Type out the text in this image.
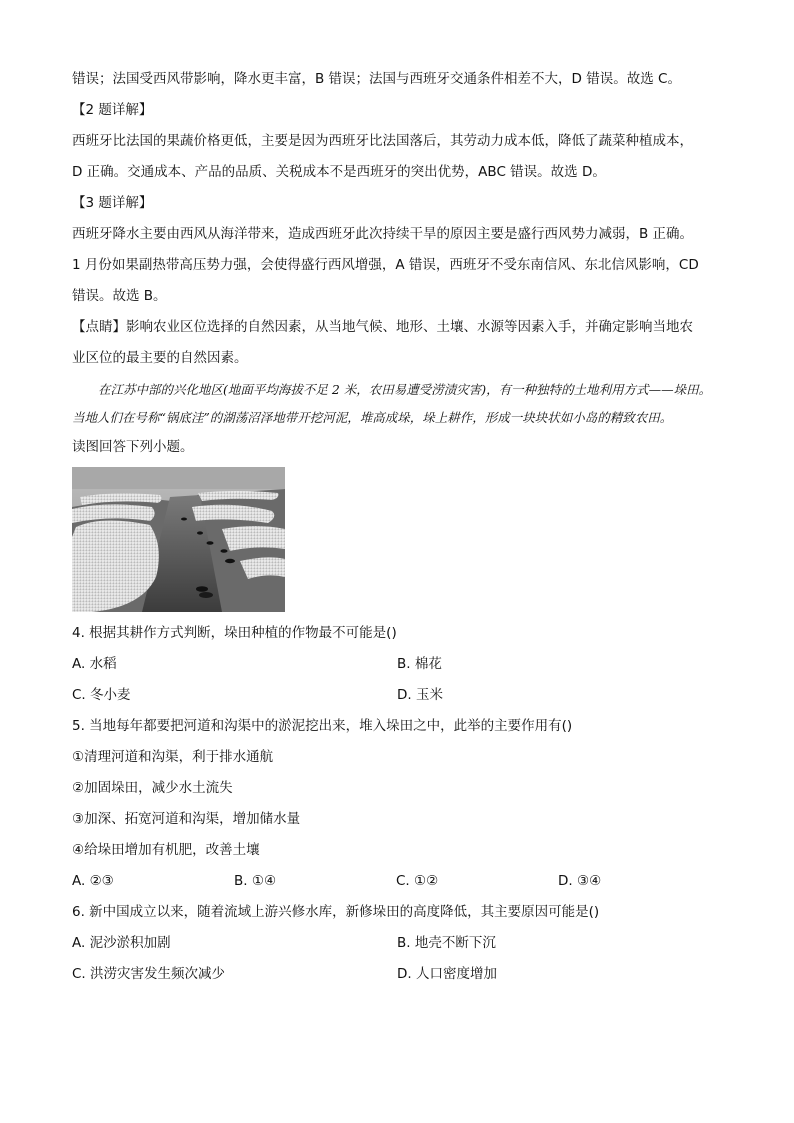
错误；法国受西风带影响，降水更丰富，B 错误；法国与西班牙交通条件相差不大，D 错误。故选 C。
【2 题详解】
西班牙比法国的果蔬价格更低，主要是因为西班牙比法国落后，其劳动力成本低，降低了蔬菜种植成本，
D 正确。交通成本、产品的品质、关税成本不是西班牙的突出优势，ABC 错误。故选 D。
【3 题详解】
西班牙降水主要由西风从海洋带来，造成西班牙此次持续干旱的原因主要是盛行西风势力减弱，B 正确。
1 月份如果副热带高压势力强，会使得盛行西风增强，A 错误，西班牙不受东南信风、东北信风影响，CD
错误。故选 B。
【点睛】影响农业区位选择的自然因素，从当地气候、地形、土壤、水源等因素入手，并确定影响当地农
业区位的最主要的自然因素。
在江苏中部的兴化地区(地面平均海拔不足 2 米，农田易遭受涝渍灾害)，有一种独特的土地利用方式——垛田。当地人们在号称“锅底洼”的湖荡沼泽地带开挖河泥，堆高成垛，垛上耕作，形成一块块状如小岛的精致农田。
读图回答下列小题。
4. 根据其耕作方式判断，垛田种植的作物最不可能是()
A. 水稻	B. 棉花
C. 冬小麦	D. 玉米
5. 当地每年都要把河道和沟渠中的淤泥挖出来，堆入垛田之中，此举的主要作用有()
①清理河道和沟渠，利于排水通航
②加固垛田，减少水土流失
③加深、拓宽河道和沟渠，增加储水量
④给垛田增加有机肥，改善土壤
A. ②③	B. ①④	C. ①②	D. ③④
6. 新中国成立以来，随着流域上游兴修水库，新修垛田的高度降低，其主要原因可能是()
A. 泥沙淤积加剧	B. 地壳不断下沉
C. 洪涝灾害发生频次减少	D. 人口密度增加
